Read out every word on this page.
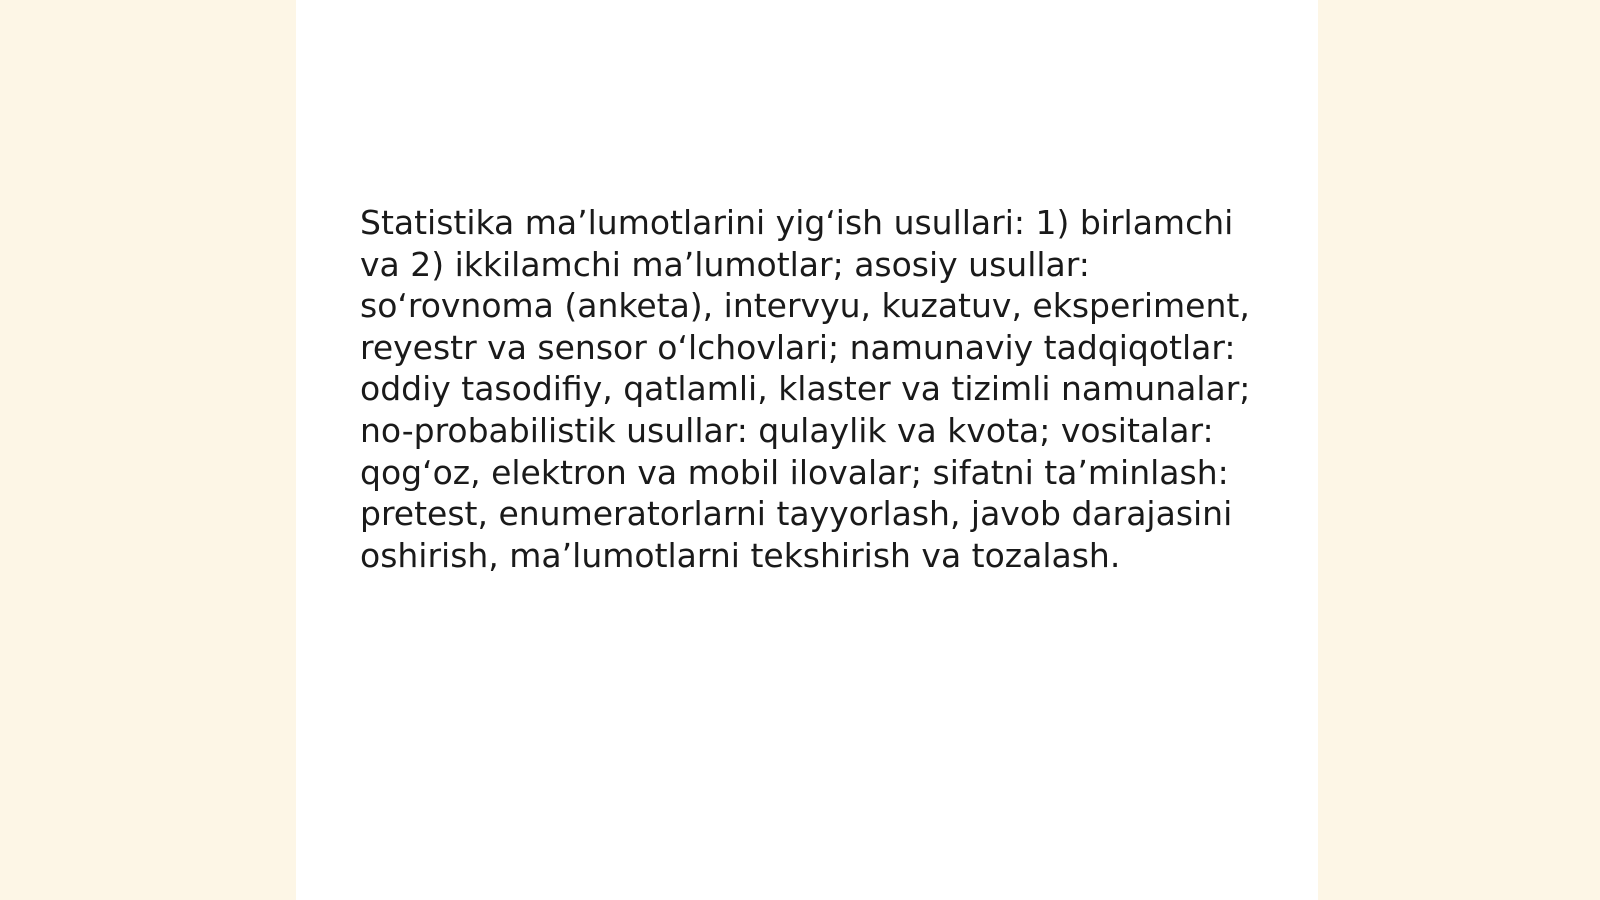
Statistika ma’lumotlarini yig‘ish usullari: 1) birlamchi
va 2) ikkilamchi ma’lumotlar; asosiy usullar:
so‘rovnoma (anketa), intervyu, kuzatuv, eksperiment,
reyestr va sensor o‘lchovlari; namunaviy tadqiqotlar:
oddiy tasodifiy, qatlamli, klaster va tizimli namunalar;
no-probabilistik usullar: qulaylik va kvota; vositalar:
qog‘oz, elektron va mobil ilovalar; sifatni ta’minlash:
pretest, enumeratorlarni tayyorlash, javob darajasini
oshirish, ma’lumotlarni tekshirish va tozalash.
